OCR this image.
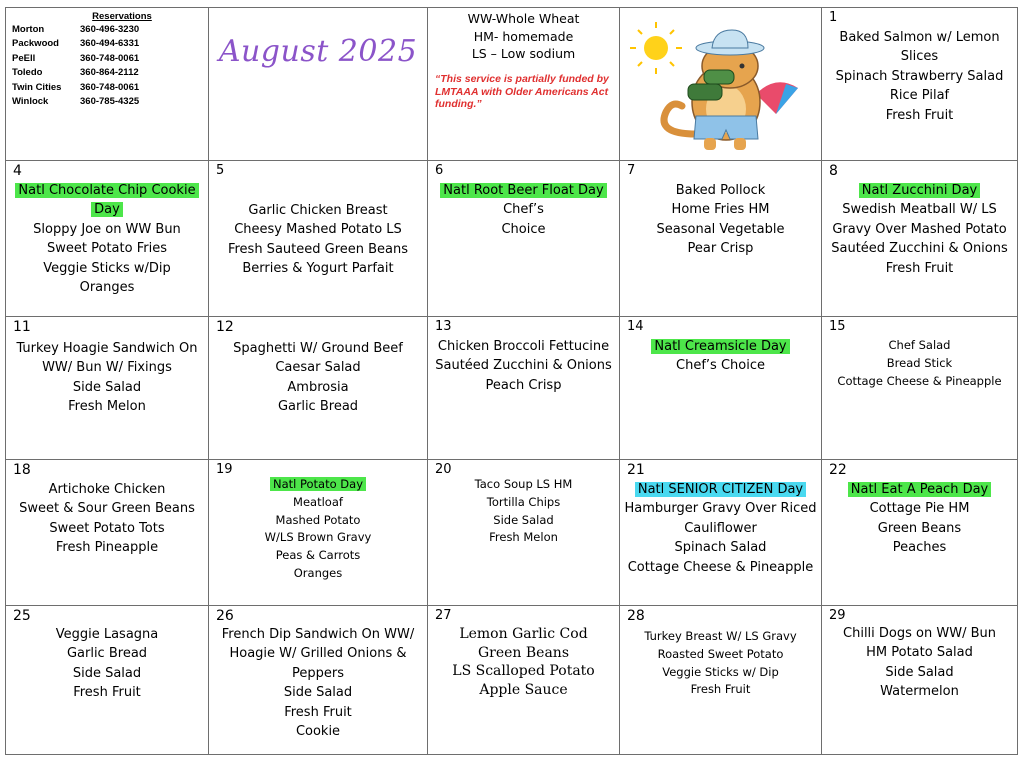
Reservations
Morton	360-496-3230
Packwood	360-494-6331
PeEll	360-748-0061
Toledo	360-864-2112
Twin Cities	360-748-0061
Winlock	360-785-4325
August 2025
WW-Whole Wheat
HM- homemade
LS – Low sodium
“This service is partially funded by LMTAAA with Older Americans Act funding.”
1
Baked Salmon w/ Lemon
Slices
Spinach Strawberry Salad
Rice Pilaf
Fresh Fruit
4
Natl Chocolate Chip Cookie
Day
Sloppy Joe on WW Bun
Sweet Potato Fries
Veggie Sticks w/Dip
Oranges
5
Garlic Chicken Breast
Cheesy Mashed Potato LS
Fresh Sauteed Green Beans
Berries & Yogurt Parfait
6
Natl Root Beer Float Day
Chef’s
Choice
7
Baked Pollock
Home Fries HM
Seasonal Vegetable
Pear Crisp
8
Natl Zucchini Day
Swedish Meatball W/ LS
Gravy Over Mashed Potato
Sautéed Zucchini & Onions
Fresh Fruit
11
Turkey Hoagie Sandwich On
WW/ Bun W/ Fixings
Side Salad
Fresh Melon
12
Spaghetti W/ Ground Beef
Caesar Salad
Ambrosia
Garlic Bread
13
Chicken Broccoli Fettucine
Sautéed Zucchini & Onions
Peach Crisp
14
Natl Creamsicle Day
Chef’s Choice
15
Chef Salad
Bread Stick
Cottage Cheese & Pineapple
18
Artichoke Chicken
Sweet & Sour Green Beans
Sweet Potato Tots
Fresh Pineapple
19
Natl Potato Day
Meatloaf
Mashed Potato
W/LS Brown Gravy
Peas & Carrots
Oranges
20
Taco Soup LS HM
Tortilla Chips
Side Salad
Fresh Melon
21
Natl SENIOR CITIZEN Day
Hamburger Gravy Over Riced
Cauliflower
Spinach Salad
Cottage Cheese & Pineapple
22
Natl Eat A Peach Day
Cottage Pie HM
Green Beans
Peaches
25
Veggie Lasagna
Garlic Bread
Side Salad
Fresh Fruit
26
French Dip Sandwich On WW/
Hoagie W/ Grilled Onions &
Peppers
Side Salad
Fresh Fruit
Cookie
27
Lemon Garlic Cod
Green Beans
LS Scalloped Potato
Apple Sauce
28
Turkey Breast W/ LS Gravy
Roasted Sweet Potato
Veggie Sticks w/ Dip
Fresh Fruit
29
Chilli Dogs on WW/ Bun
HM Potato Salad
Side Salad
Watermelon
